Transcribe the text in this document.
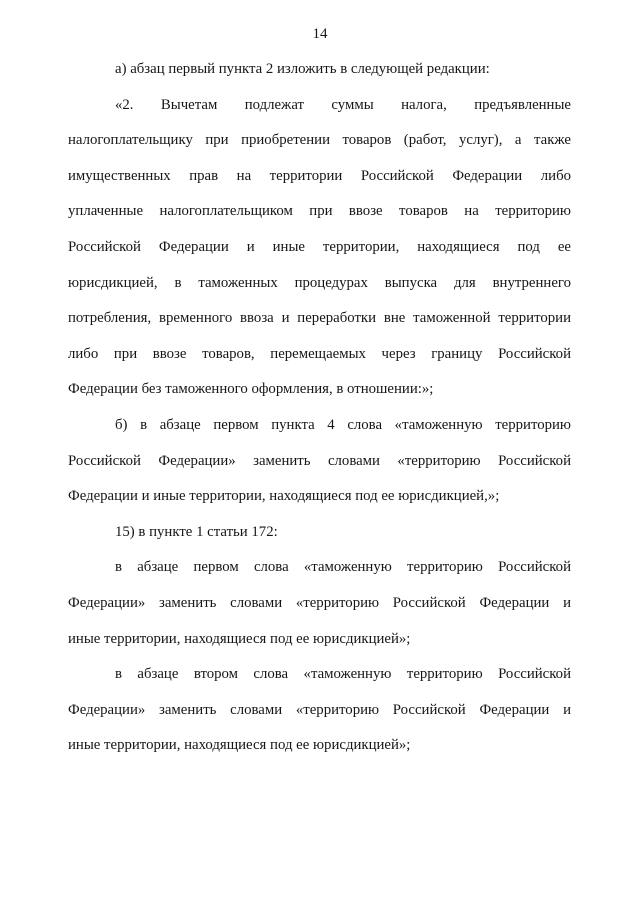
14
а) абзац первый пункта 2 изложить в следующей редакции:
«2. Вычетам подлежат суммы налога, предъявленные
налогоплательщику при приобретении товаров (работ, услуг), а также
имущественных прав на территории Российской Федерации либо
уплаченные налогоплательщиком при ввозе товаров на территорию
Российской Федерации и иные территории, находящиеся под ее
юрисдикцией, в таможенных процедурах выпуска для внутреннего
потребления, временного ввоза и переработки вне таможенной территории
либо при ввозе товаров, перемещаемых через границу Российской
Федерации без таможенного оформления, в отношении:»;
б) в абзаце первом пункта 4 слова «таможенную территорию
Российской Федерации» заменить словами «территорию Российской
Федерации и иные территории, находящиеся под ее юрисдикцией,»;
15) в пункте 1 статьи 172:
в абзаце первом слова «таможенную территорию Российской
Федерации» заменить словами «территорию Российской Федерации и
иные территории, находящиеся под ее юрисдикцией»;
в абзаце втором слова «таможенную территорию Российской
Федерации» заменить словами «территорию Российской Федерации и
иные территории, находящиеся под ее юрисдикцией»;
